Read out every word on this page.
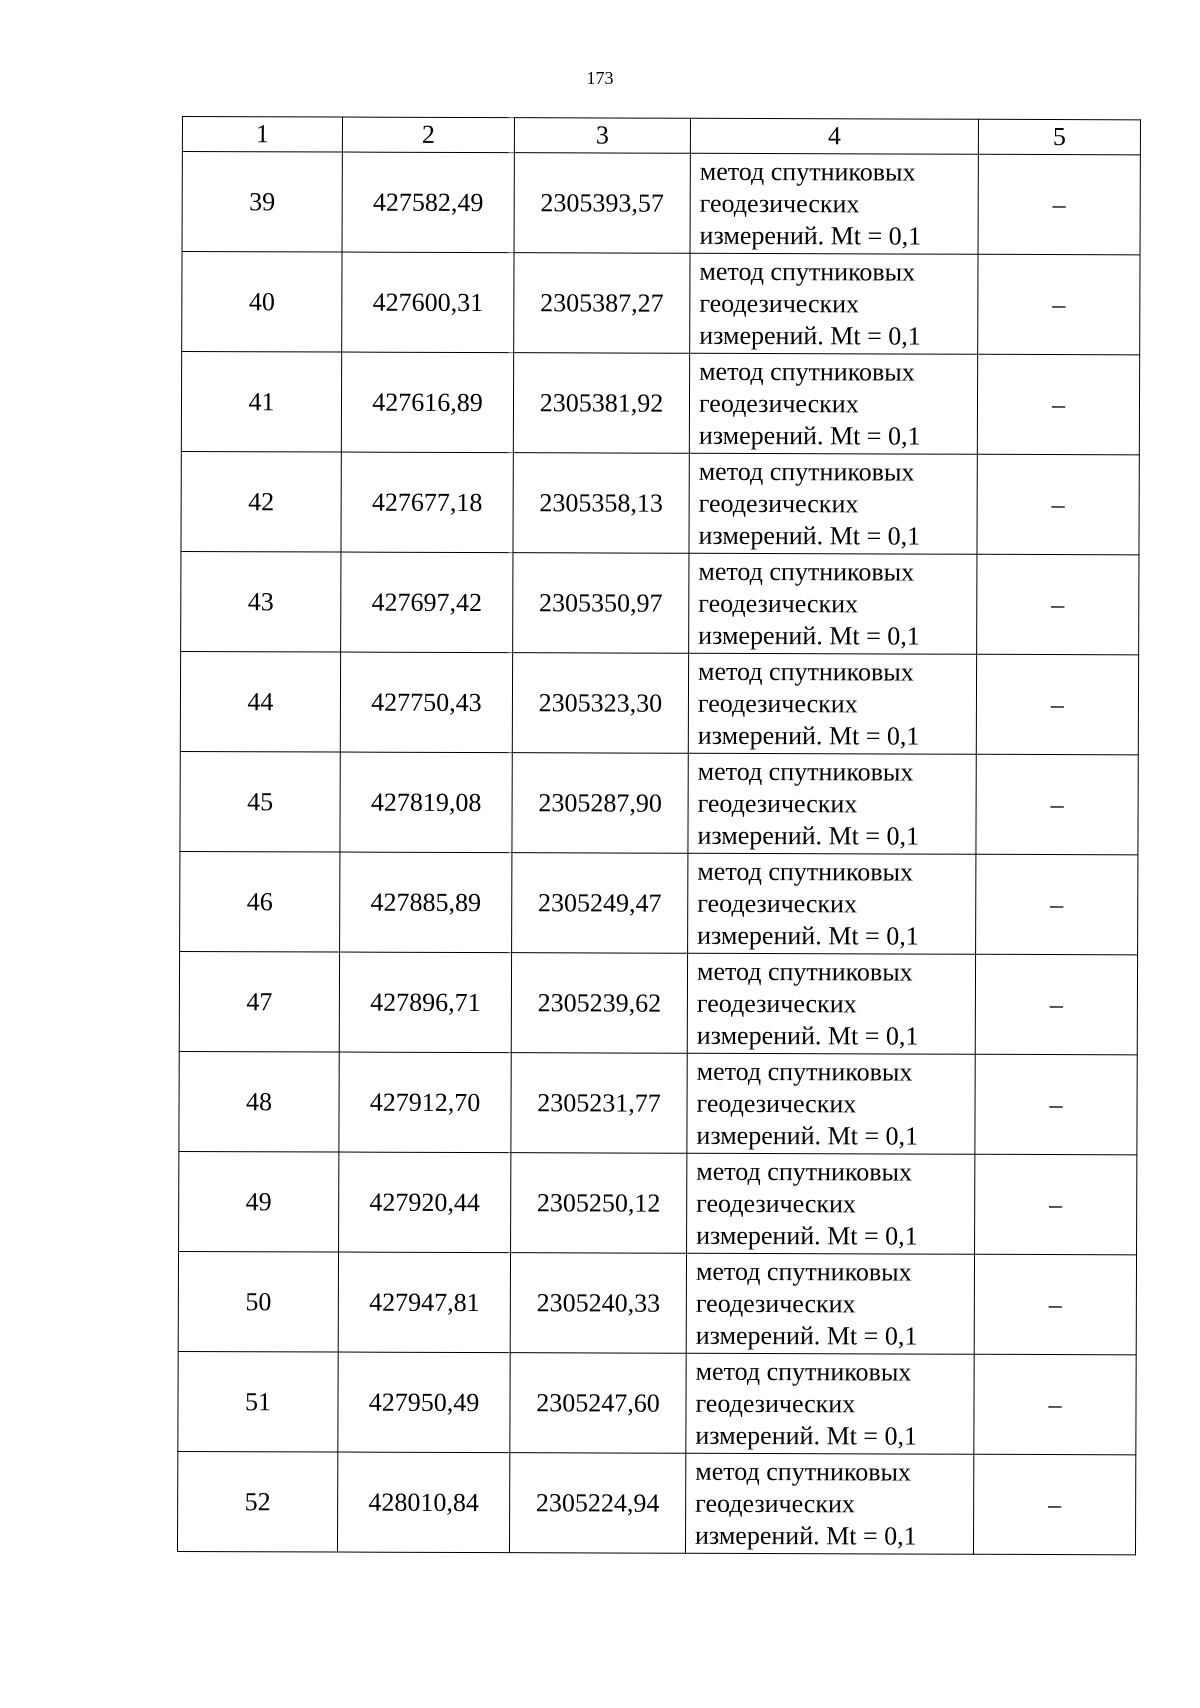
173
1	2	3	4	5
39	427582,49	2305393,57	метод спутниковых
геодезических
измерений. Mt = 0,1	–
40	427600,31	2305387,27	метод спутниковых
геодезических
измерений. Mt = 0,1	–
41	427616,89	2305381,92	метод спутниковых
геодезических
измерений. Mt = 0,1	–
42	427677,18	2305358,13	метод спутниковых
геодезических
измерений. Mt = 0,1	–
43	427697,42	2305350,97	метод спутниковых
геодезических
измерений. Mt = 0,1	–
44	427750,43	2305323,30	метод спутниковых
геодезических
измерений. Mt = 0,1	–
45	427819,08	2305287,90	метод спутниковых
геодезических
измерений. Mt = 0,1	–
46	427885,89	2305249,47	метод спутниковых
геодезических
измерений. Mt = 0,1	–
47	427896,71	2305239,62	метод спутниковых
геодезических
измерений. Mt = 0,1	–
48	427912,70	2305231,77	метод спутниковых
геодезических
измерений. Mt = 0,1	–
49	427920,44	2305250,12	метод спутниковых
геодезических
измерений. Mt = 0,1	–
50	427947,81	2305240,33	метод спутниковых
геодезических
измерений. Mt = 0,1	–
51	427950,49	2305247,60	метод спутниковых
геодезических
измерений. Mt = 0,1	–
52	428010,84	2305224,94	метод спутниковых
геодезических
измерений. Mt = 0,1	–
